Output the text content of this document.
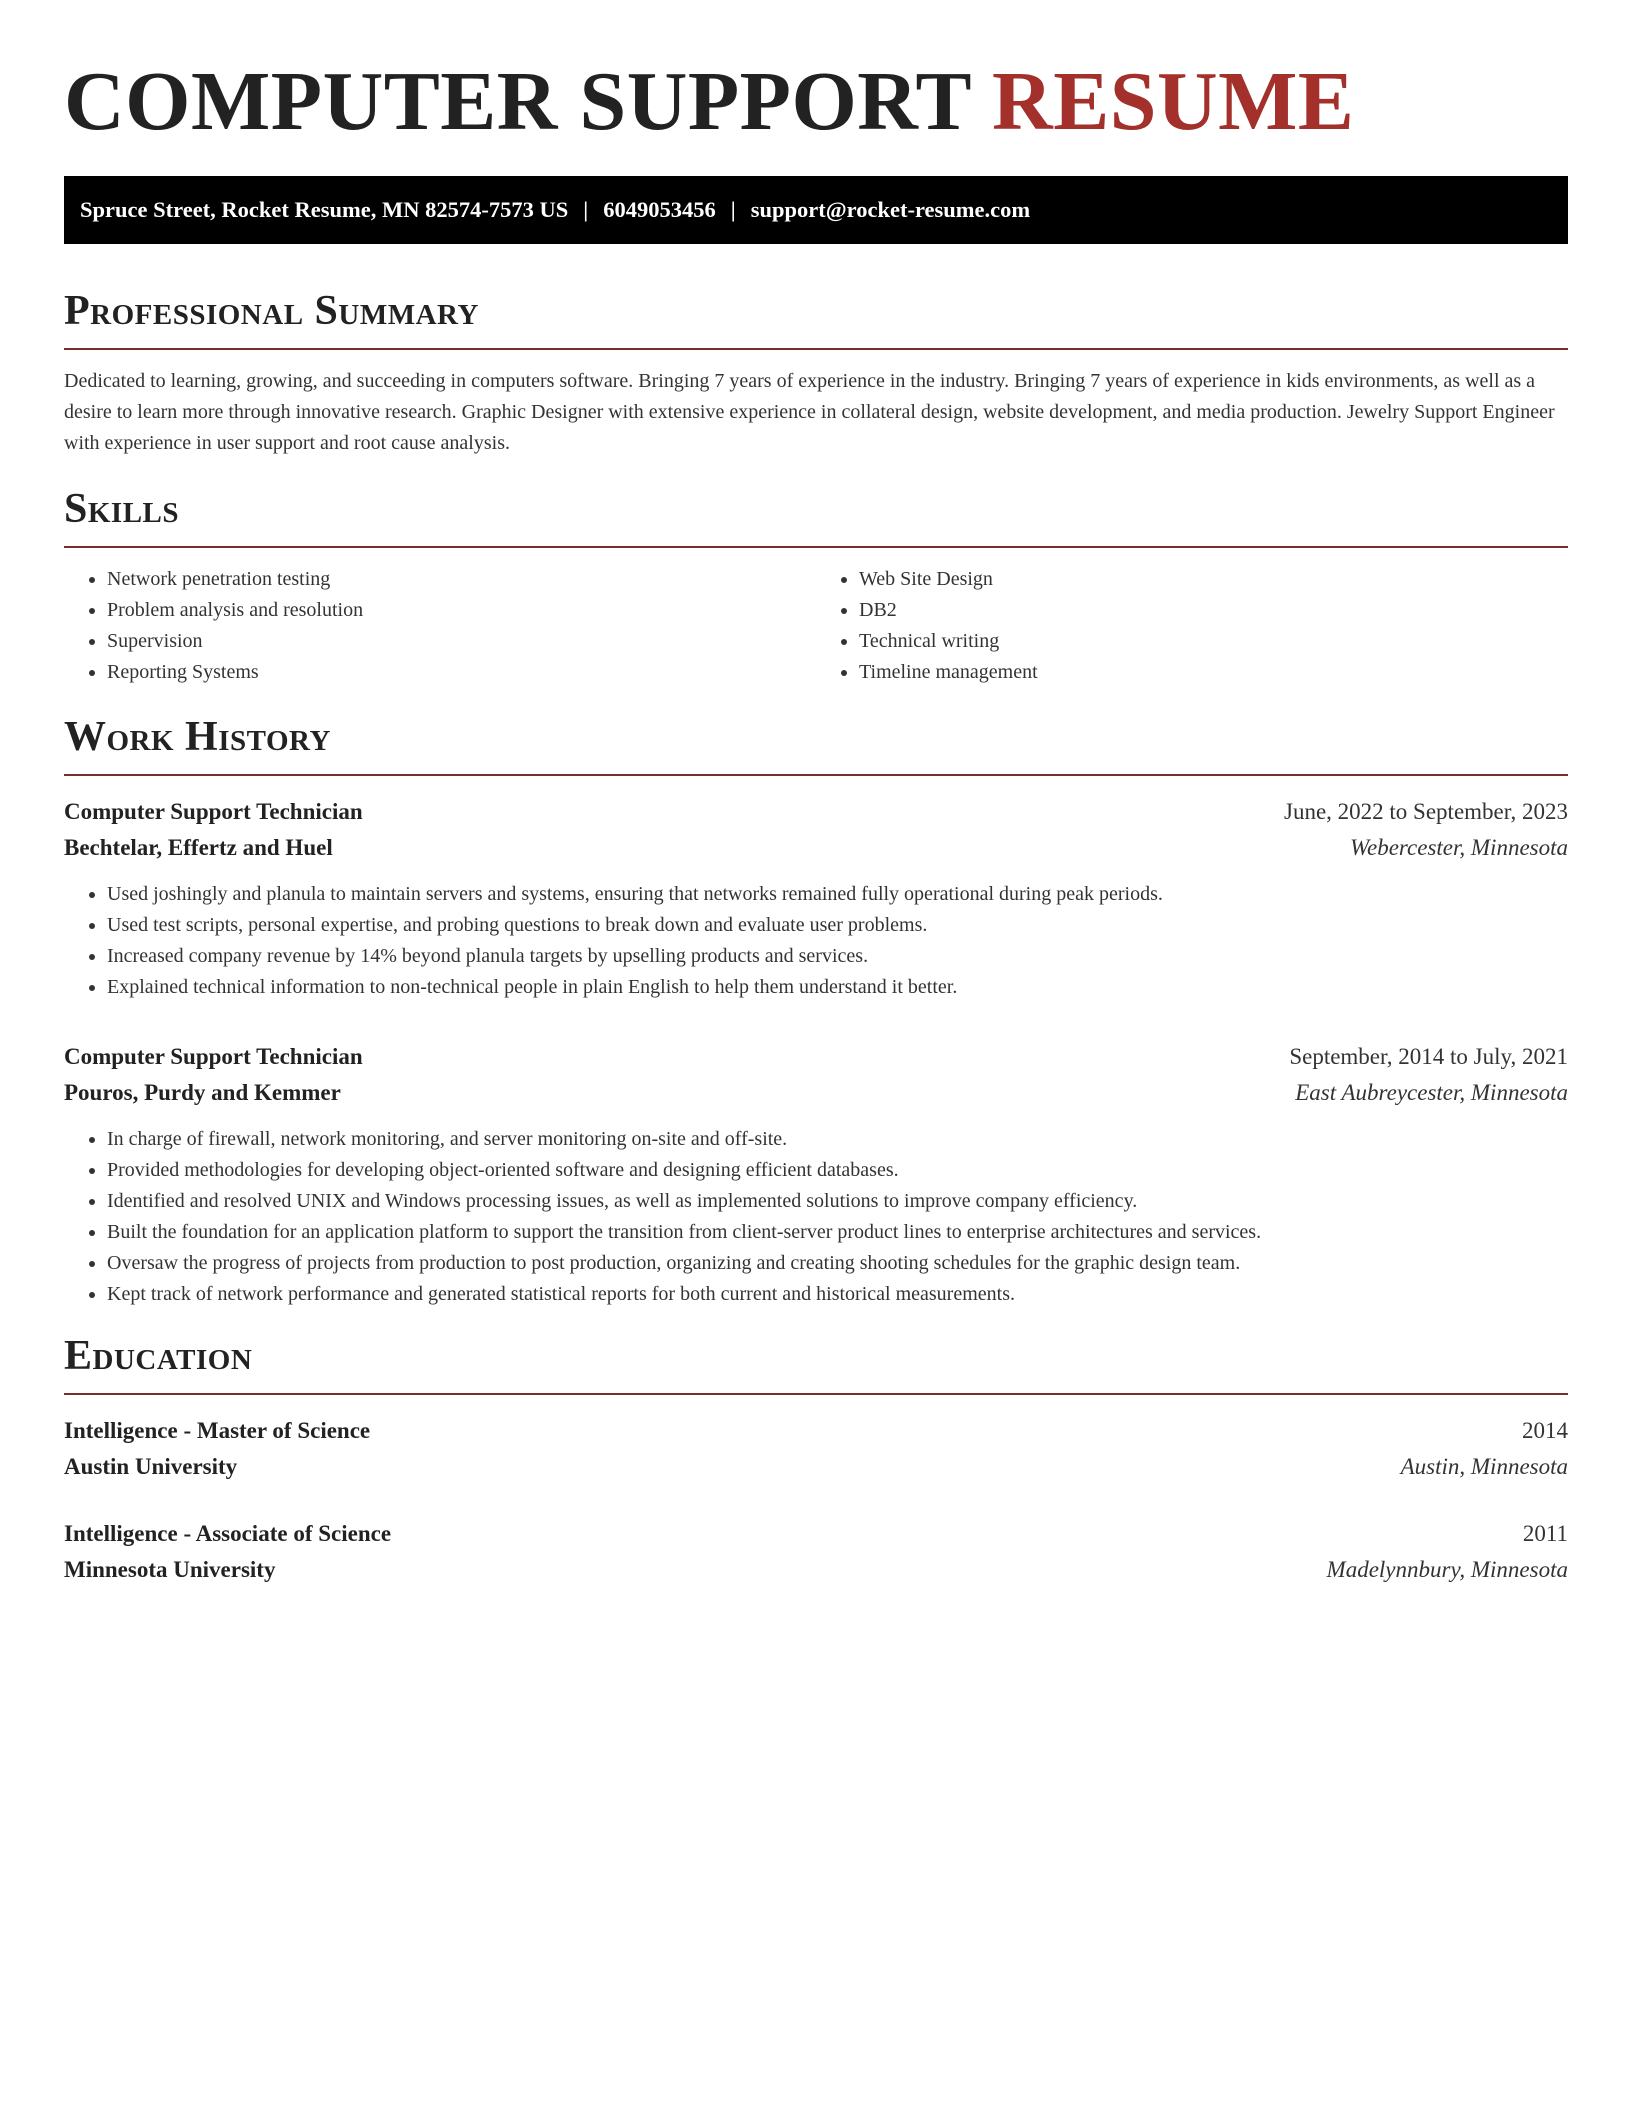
COMPUTER SUPPORT RESUME
Spruce Street, Rocket Resume, MN 82574-7573 US | 6049053456 | support@rocket-resume.com
Professional Summary

Dedicated to learning, growing, and succeeding in computers software. Bringing 7 years of experience in the industry. Bringing 7 years of experience in kids environments, as well as a desire to learn more through innovative research. Graphic Designer with extensive experience in collateral design, website development, and media production. Jewelry Support Engineer with experience in user support and root cause analysis.

Skills
• Network penetration testing
• Problem analysis and resolution
• Supervision
• Reporting Systems
• Web Site Design
• DB2
• Technical writing
• Timeline management
Work History
Computer Support Technician	June, 2022 to September, 2023
Bechtelar, Effertz and Huel	Webercester, Minnesota
• Used joshingly and planula to maintain servers and systems, ensuring that networks remained fully operational during peak periods.
• Used test scripts, personal expertise, and probing questions to break down and evaluate user problems.
• Increased company revenue by 14% beyond planula targets by upselling products and services.
• Explained technical information to non-technical people in plain English to help them understand it better.
Computer Support Technician	September, 2014 to July, 2021
Pouros, Purdy and Kemmer	East Aubreycester, Minnesota
• In charge of firewall, network monitoring, and server monitoring on-site and off-site.
• Provided methodologies for developing object-oriented software and designing efficient databases.
• Identified and resolved UNIX and Windows processing issues, as well as implemented solutions to improve company efficiency.
• Built the foundation for an application platform to support the transition from client-server product lines to enterprise architectures and services.
• Oversaw the progress of projects from production to post production, organizing and creating shooting schedules for the graphic design team.
• Kept track of network performance and generated statistical reports for both current and historical measurements.
Education
Intelligence - Master of Science	2014
Austin University	Austin, Minnesota
Intelligence - Associate of Science	2011
Minnesota University	Madelynnbury, Minnesota
